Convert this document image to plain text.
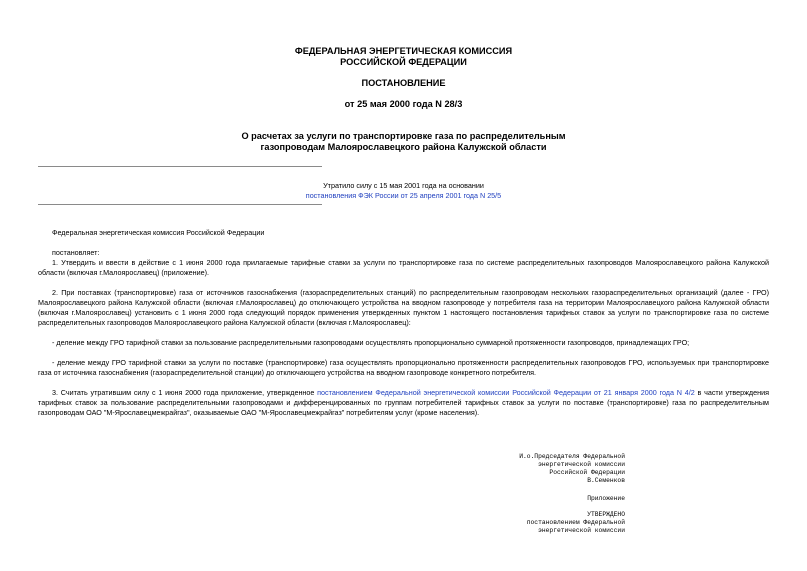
ФЕДЕРАЛЬНАЯ ЭНЕРГЕТИЧЕСКАЯ КОМИССИЯ
РОССИЙСКОЙ ФЕДЕРАЦИИ
ПОСТАНОВЛЕНИЕ
от 25 мая 2000 года N 28/3
О расчетах за услуги по транспортировке газа по распределительным
газопроводам Малоярославецкого района Калужской области
Утратило силу с 15 мая 2001 года на основании
постановления ФЭК России от 25 апреля 2001 года N 25/5

Федеральная энергетическая комиссия Российской Федерации

постановляет:

1. Утвердить и ввести в действие с 1 июня 2000 года прилагаемые тарифные ставки за услуги по транспортировке газа по системе распределительных газопроводов Малоярославецкого района Калужской области (включая г.Малоярославец) (приложение).

2. При поставках (транспортировке) газа от источников газоснабжения (газораспределительных станций) по распределительным газопроводам нескольких газораспределительных организаций (далее - ГРО) Малоярославецкого района Калужской области (включая г.Малоярославец) до отключающего устройства на вводном газопроводе у потребителя газа на территории Малоярославецкого района Калужской области (включая г.Малоярославец) установить с 1 июня 2000 года следующий порядок применения утвержденных пунктом 1 настоящего постановления тарифных ставок за услуги по транспортировке газа по системе распределительных газопроводов Малоярославецкого района Калужской области (включая г.Малоярославец):

- деление между ГРО тарифной ставки за пользование распределительными газопроводами осуществлять пропорционально суммарной протяженности газопроводов, принадлежащих ГРО;

- деление между ГРО тарифной ставки за услуги по поставке (транспортировке) газа осуществлять пропорционально протяженности распределительных газопроводов ГРО, используемых при транспортировке газа от источника газоснабжения (газораспределительной станции) до отключающего устройства на вводном газопроводе конкретного потребителя.

3. Считать утратившим силу с 1 июня 2000 года приложение, утвержденное постановлением Федеральной энергетической комиссии Российской Федерации от 21 января 2000 года N 4/2 в части утверждения тарифных ставок за пользование распределительными газопроводами и дифференцированных по группам потребителей тарифных ставок за услуги по поставке (транспортировке) газа по распределительным газопроводам ОАО "М-Ярославецмежрайгаз", оказываемые ОАО "М-Ярославецмежрайгаз" потребителям услуг (кроме населения).

И.о.Председателя Федеральной
энергетической комиссии
Российской Федерации
В.Семенков
Приложение
УТВЕРЖДЕНО
постановлением Федеральной
энергетической комиссии
